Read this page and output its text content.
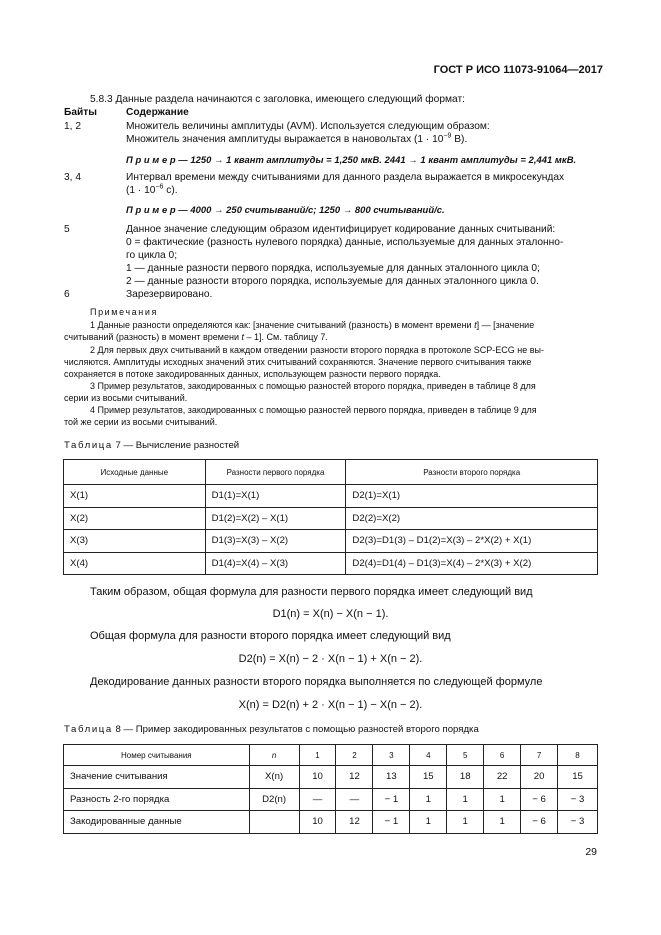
ГОСТ Р ИСО 11073-91064—2017
5.8.3 Данные раздела начинаются с заголовка, имеющего следующий формат:
Байты	Содержание
1, 2	Множитель величины амплитуды (AVM). Используется следующим образом:
Множитель значения амплитуды выражается в нановольтах ($1 \cdot 10^{-9}$ В).
П р и м е р — 1250 → 1 квант амплитуды = 1,250 мкВ. 2441 → 1 квант амплитуды = 2,441 мкВ.
3, 4	Интервал времени между считываниями для данного раздела выражается в микросекундах
($1 \cdot 10^{-6}$ с).
П р и м е р — 4000 → 250 считываний/с; 1250 → 800 считываний/с.
5	Данное значение следующим образом идентифицирует кодирование данных считываний:
0 = фактические (разность нулевого порядка) данные, используемые для данных эталонно-
го цикла 0;
1 — данные разности первого порядка, используемые для данных эталонного цикла 0;
2 — данные разности второго порядка, используемые для данных эталонного цикла 0.
6	Зарезервировано.
Примечания
1 Данные разности определяются как: [значение считываний (разность) в момент времени t] — [значение
считываний (разность) в момент времени t – 1]. См. таблицу 7.
2 Для первых двух считываний в каждом отведении разности второго порядка в протоколе SCP-ECG не вы-
числяются. Амплитуды исходных значений этих считываний сохраняются. Значение первого считывания также
сохраняется в потоке закодированных данных, использующем разности первого порядка.
3 Пример результатов, закодированных с помощью разностей второго порядка, приведен в таблице 8 для
серии из восьми считываний.
4 Пример результатов, закодированных с помощью разностей первого порядка, приведен в таблице 9 для
той же серии из восьми считываний.
Таблица 7 — Вычисление разностей
Исходные данные	Разности первого порядка	Разности второго порядка
X(1)	D1(1)=X(1)	D2(1)=X(1)
X(2)	D1(2)=X(2) – X(1)	D2(2)=X(2)
X(3)	D1(3)=X(3) – X(2)	D2(3)=D1(3) – D1(2)=X(3) – 2*X(2) + X(1)
X(4)	D1(4)=X(4) – X(3)	D2(4)=D1(4) – D1(3)=X(4) – 2*X(3) + X(2)
Таким образом, общая формула для разности первого порядка имеет следующий вид
D1(n) = X(n) − X(n − 1).
Общая формула для разности второго порядка имеет следующий вид
D2(n) = X(n) − 2 · X(n − 1) + X(n − 2).
Декодирование данных разности второго порядка выполняется по следующей формуле
X(n) = D2(n) + 2 · X(n − 1) − X(n − 2).
Таблица 8 — Пример закодированных результатов с помощью разностей второго порядка
Номер считывания	n	1	2	3	4	5	6	7	8
Значение считывания	X(n)	10	12	13	15	18	22	20	15
Разность 2-го порядка	D2(n)	—	—	− 1	1	1	1	− 6	− 3
Закодированные данные		10	12	− 1	1	1	1	− 6	− 3
29
